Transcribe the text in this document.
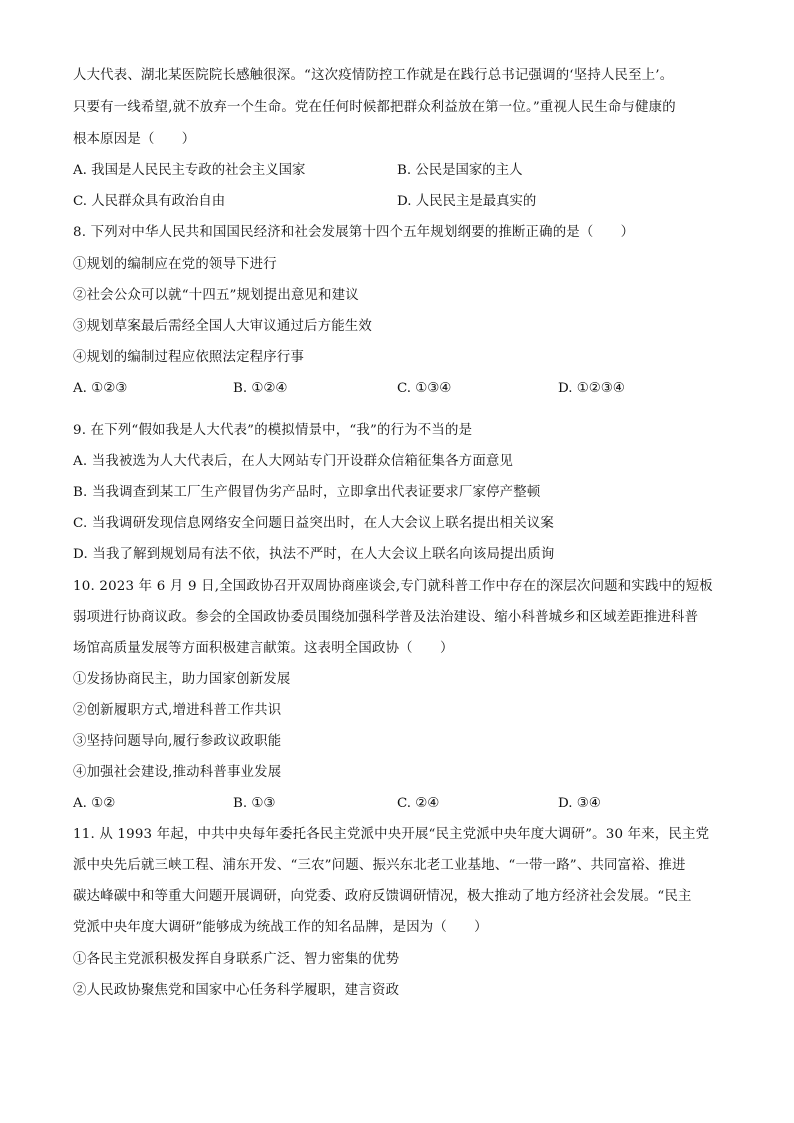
人大代表、湖北某医院院长感触很深。“这次疫情防控工作就是在践行总书记强调的‘坚持人民至上’。
只要有一线希望,就不放弃一个生命。党在任何时候都把群众利益放在第一位。”重视人民生命与健康的
根本原因是（　　）
A. 我国是人民民主专政的社会主义国家	B. 公民是国家的主人
C. 人民群众具有政治自由	D. 人民民主是最真实的
8. 下列对中华人民共和国国民经济和社会发展第十四个五年规划纲要的推断正确的是（　　）
①规划的编制应在党的领导下进行
②社会公众可以就“十四五”规划提出意见和建议
③规划草案最后需经全国人大审议通过后方能生效
④规划的编制过程应依照法定程序行事
A. ①②③	B. ①②④	C. ①③④	D. ①②③④
9. 在下列“假如我是人大代表”的模拟情景中，“我”的行为不当的是
A. 当我被选为人大代表后，在人大网站专门开设群众信箱征集各方面意见
B. 当我调查到某工厂生产假冒伪劣产品时，立即拿出代表证要求厂家停产整顿
C. 当我调研发现信息网络安全问题日益突出时，在人大会议上联名提出相关议案
D. 当我了解到规划局有法不依，执法不严时，在人大会议上联名向该局提出质询
10. 2023 年 6 月 9 日,全国政协召开双周协商座谈会,专门就科普工作中存在的深层次问题和实践中的短板
弱项进行协商议政。参会的全国政协委员围绕加强科学普及法治建设、缩小科普城乡和区域差距推进科普
场馆高质量发展等方面积极建言献策。这表明全国政协（　　）
①发扬协商民主，助力国家创新发展
②创新履职方式,增进科普工作共识
③坚持问题导向,履行参政议政职能
④加强社会建设,推动科普事业发展
A. ①②	B. ①③	C. ②④	D. ③④
11. 从 1993 年起，中共中央每年委托各民主党派中央开展“民主党派中央年度大调研”。30 年来，民主党
派中央先后就三峡工程、浦东开发、“三农”问题、振兴东北老工业基地、“一带一路”、共同富裕、推进
碳达峰碳中和等重大问题开展调研，向党委、政府反馈调研情况，极大推动了地方经济社会发展。“民主
党派中央年度大调研”能够成为统战工作的知名品牌，是因为（　　）
①各民主党派积极发挥自身联系广泛、智力密集的优势
②人民政协聚焦党和国家中心任务科学履职，建言资政
